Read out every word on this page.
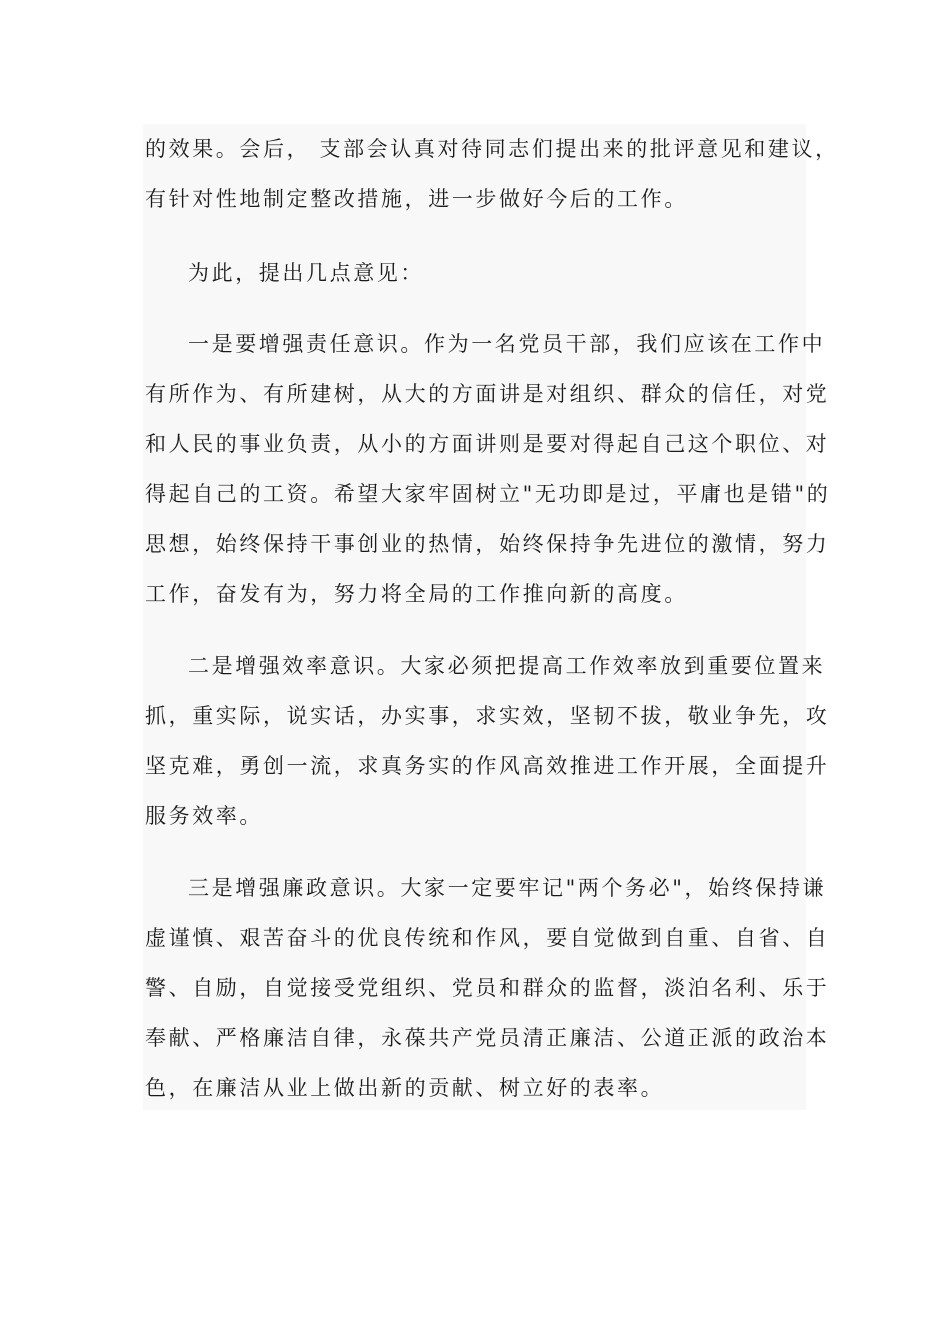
的效果。会后， 支部会认真对待同志们提出来的批评意见和建议，
有针对性地制定整改措施，进一步做好今后的工作。
为此，提出几点意见：
一是要增强责任意识。作为一名党员干部，我们应该在工作中
有所作为、有所建树，从大的方面讲是对组织、群众的信任，对党
和人民的事业负责，从小的方面讲则是要对得起自己这个职位、对
得起自己的工资。希望大家牢固树立"无功即是过，平庸也是错"的
思想，始终保持干事创业的热情，始终保持争先进位的激情，努力
工作，奋发有为，努力将全局的工作推向新的高度。
二是增强效率意识。大家必须把提高工作效率放到重要位置来
抓，重实际，说实话，办实事，求实效，坚韧不拔，敬业争先，攻
坚克难，勇创一流，求真务实的作风高效推进工作开展，全面提升
服务效率。
三是增强廉政意识。大家一定要牢记"两个务必"，始终保持谦
虚谨慎、艰苦奋斗的优良传统和作风，要自觉做到自重、自省、自
警、自励，自觉接受党组织、党员和群众的监督，淡泊名利、乐于
奉献、严格廉洁自律，永葆共产党员清正廉洁、公道正派的政治本
色，在廉洁从业上做出新的贡献、树立好的表率。
